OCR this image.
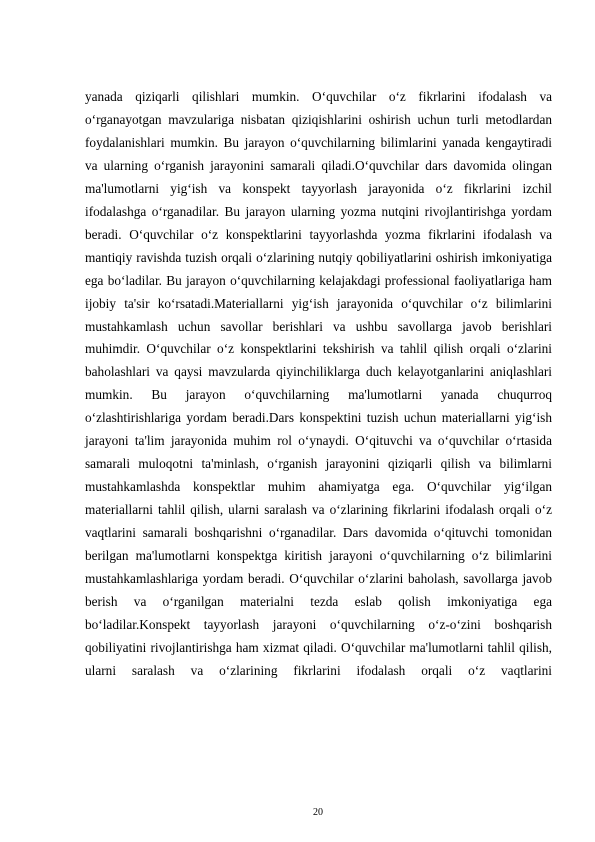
yanada qiziqarli qilishlari mumkin. O‘quvchilar o‘z fikrlarini ifodalash va o‘rganayotgan mavzulariga nisbatan qiziqishlarini oshirish uchun turli metodlardan foydalanishlari mumkin. Bu jarayon o‘quvchilarning bilimlarini yanada kengaytiradi va ularning o‘rganish jarayonini samarali qiladi.O‘quvchilar dars davomida olingan ma'lumotlarni yig‘ish va konspekt tayyorlash jarayonida o‘z fikrlarini izchil ifodalashga o‘rganadilar. Bu jarayon ularning yozma nutqini rivojlantirishga yordam beradi. O‘quvchilar o‘z konspektlarini tayyorlashda yozma fikrlarini ifodalash va mantiqiy ravishda tuzish orqali o‘zlarining nutqiy qobiliyatlarini oshirish imkoniyatiga ega bo‘ladilar. Bu jarayon o‘quvchilarning kelajakdagi professional faoliyatlariga ham ijobiy ta'sir ko‘rsatadi.Materiallarni yig‘ish jarayonida o‘quvchilar o‘z bilimlarini mustahkamlash uchun savollar berishlari va ushbu savollarga javob berishlari muhimdir. O‘quvchilar o‘z konspektlarini tekshirish va tahlil qilish orqali o‘zlarini baholashlari va qaysi mavzularda qiyinchiliklarga duch kelayotganlarini aniqlashlari mumkin. Bu jarayon o‘quvchilarning ma'lumotlarni yanada chuqurroq o‘zlashtirishlariga yordam beradi.Dars konspektini tuzish uchun materiallarni yig‘ish jarayoni ta'lim jarayonida muhim rol o‘ynaydi. O‘qituvchi va o‘quvchilar o‘rtasida samarali muloqotni ta'minlash, o‘rganish jarayonini qiziqarli qilish va bilimlarni mustahkamlashda konspektlar muhim ahamiyatga ega. O‘quvchilar yig‘ilgan materiallarni tahlil qilish, ularni saralash va o‘zlarining fikrlarini ifodalash orqali o‘z vaqtlarini samarali boshqarishni o‘rganadilar. Dars davomida o‘qituvchi tomonidan berilgan ma'lumotlarni konspektga kiritish jarayoni o‘quvchilarning o‘z bilimlarini mustahkamlashlariga yordam beradi. O‘quvchilar o‘zlarini baholash, savollarga javob berish va o‘rganilgan materialni tezda eslab qolish imkoniyatiga ega bo‘ladilar.Konspekt tayyorlash jarayoni o‘quvchilarning o‘z-o‘zini boshqarish qobiliyatini rivojlantirishga ham xizmat qiladi. O‘quvchilar ma'lumotlarni tahlil qilish, ularni saralash va o‘zlarining fikrlarini ifodalash orqali o‘z vaqtlarini

20
